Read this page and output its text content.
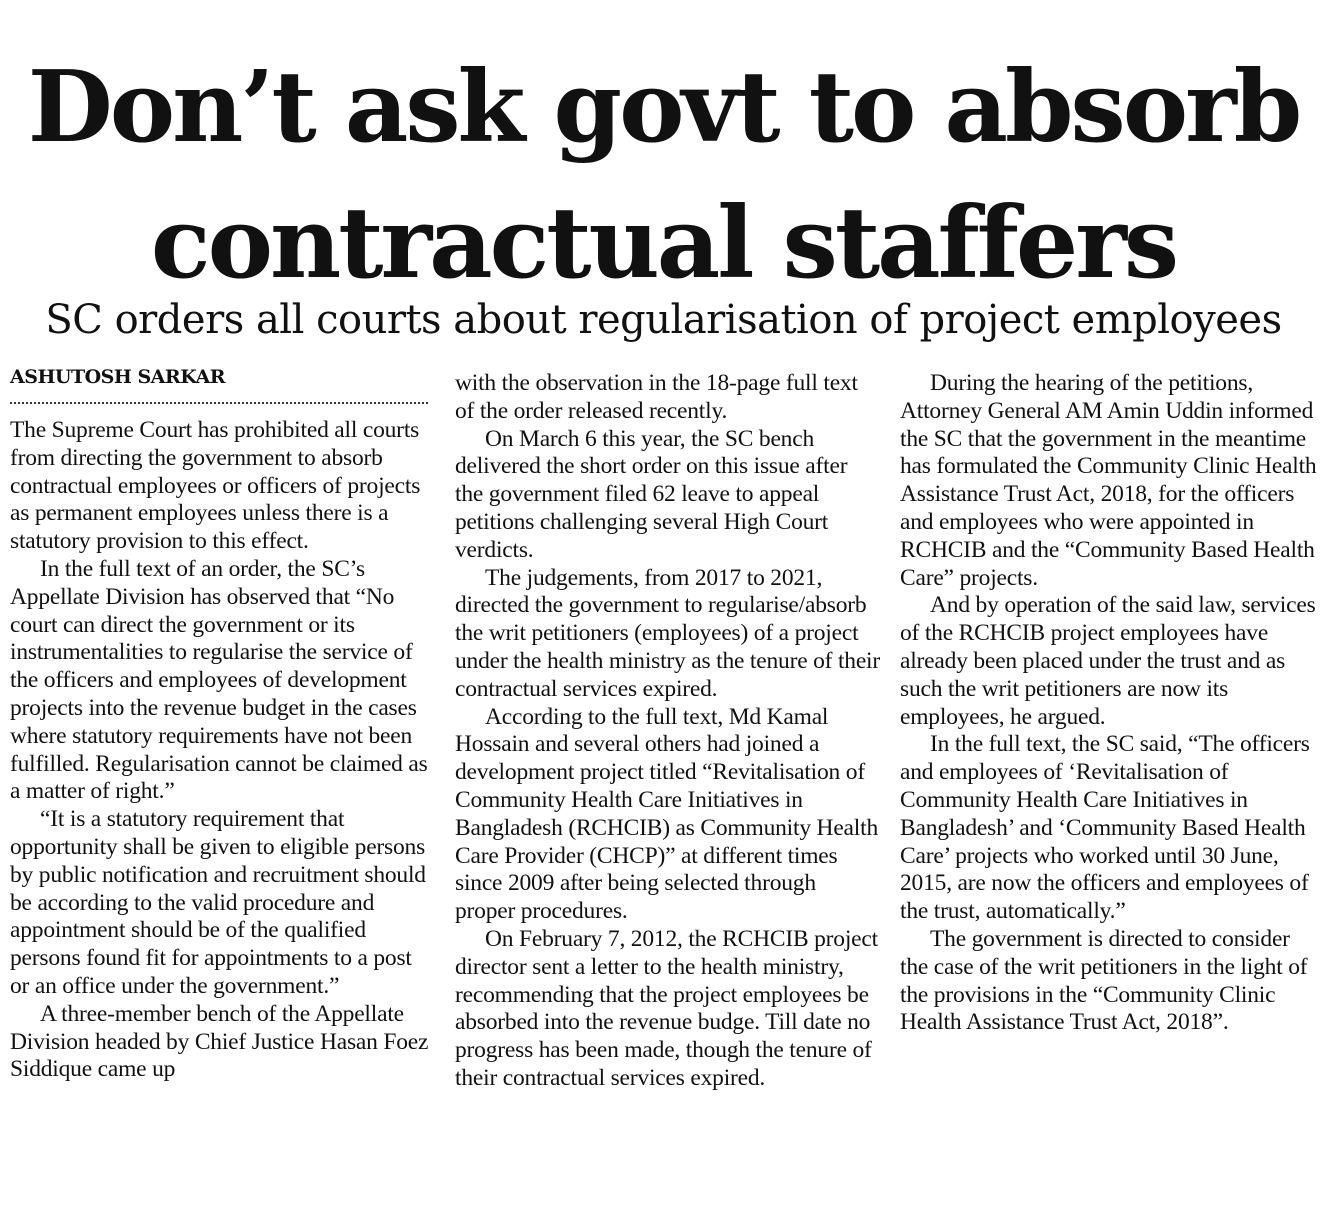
Don’t ask govt to absorb
contractual staffers
SC orders all courts about regularisation of project employees
ASHUTOSH SARKAR

The Supreme Court has prohibited all courts from directing the government to absorb contractual employees or officers of projects as permanent employees unless there is a statutory provision to this effect.

In the full text of an order, the SC’s Appellate Division has observed that “No court can direct the government or its instrumentalities to regularise the service of the officers and employees of development projects into the revenue budget in the cases where statutory requirements have not been fulfilled. Regularisation cannot be claimed as a matter of right.”

“It is a statutory requirement that opportunity shall be given to eligible persons by public notification and recruitment should be according to the valid procedure and appointment should be of the qualified persons found fit for appointments to a post or an office under the government.”

A three-member bench of the Appellate Division headed by Chief Justice Hasan Foez Siddique came up

with the observation in the 18-page full text of the order released recently.

On March 6 this year, the SC bench delivered the short order on this issue after the government filed 62 leave to appeal petitions challenging several High Court verdicts.

The judgements, from 2017 to 2021, directed the government to regularise/absorb the writ petitioners (employees) of a project under the health ministry as the tenure of their contractual services expired.

According to the full text, Md Kamal Hossain and several others had joined a development project titled “Revitalisation of Community Health Care Initiatives in Bangladesh (RCHCIB) as Community Health Care Provider (CHCP)” at different times since 2009 after being selected through proper procedures.

On February 7, 2012, the RCHCIB project director sent a letter to the health ministry, recommending that the project employees be absorbed into the revenue budge. Till date no progress has been made, though the tenure of their contractual services expired.

During the hearing of the petitions, Attorney General AM Amin Uddin informed the SC that the government in the meantime has formulated the Community Clinic Health Assistance Trust Act, 2018, for the officers and employees who were appointed in RCHCIB and the “Community Based Health Care” projects.

And by operation of the said law, services of the RCHCIB project employees have already been placed under the trust and as such the writ petitioners are now its employees, he argued.

In the full text, the SC said, “The officers and employees of ‘Revitalisation of Community Health Care Initiatives in Bangladesh’ and ‘Community Based Health Care’ projects who worked until 30 June, 2015, are now the officers and employees of the trust, automatically.”

The government is directed to consider the case of the writ petitioners in the light of the provisions in the “Community Clinic Health Assistance Trust Act, 2018”.
